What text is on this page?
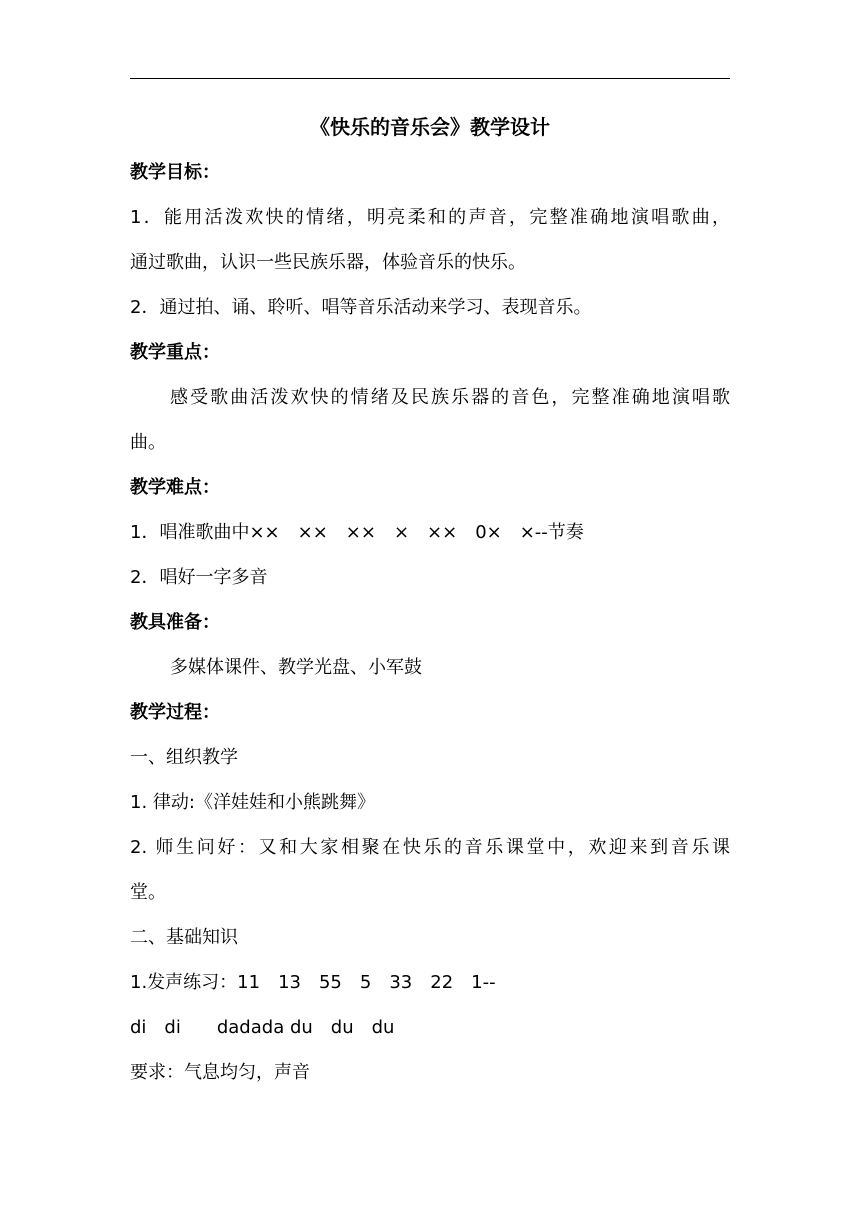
《快乐的音乐会》教学设计
教学目标：
1．能用活泼欢快的情绪，明亮柔和的声音，完整准确地演唱歌曲，
通过歌曲，认识一些民族乐器，体验音乐的快乐。
2．通过拍、诵、聆听、唱等音乐活动来学习、表现音乐。
教学重点：
感受歌曲活泼欢快的情绪及民族乐器的音色，完整准确地演唱歌
曲。
教学难点：
1．唱准歌曲中××　××　××　×　××　0×　×--节奏
2．唱好一字多音
教具准备：
多媒体课件、教学光盘、小军鼓
教学过程：
一、组织教学
1. 律动:《洋娃娃和小熊跳舞》
2. 师生问好：又和大家相聚在快乐的音乐课堂中，欢迎来到音乐课
堂。
二、基础知识
1.发声练习：11　13　55　5　33　22　1--
di　di　　dadada du　du　du
要求：气息均匀，声音
